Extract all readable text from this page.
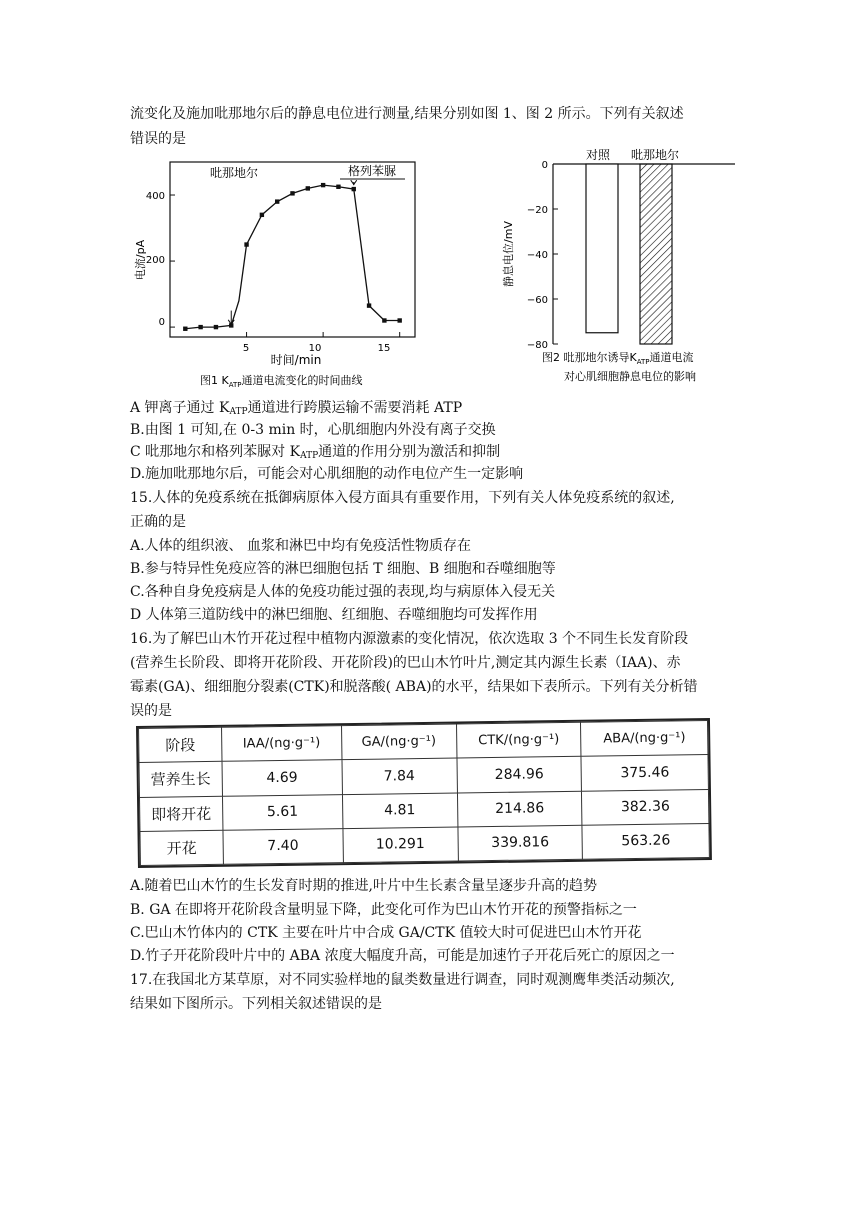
流变化及施加吡那地尔后的静息电位进行测量,结果分别如图 1、图 2 所示。下列有关叙述
错误的是
吡那地尔	格列苯脲
电流/pA
时间/min
0
200
400
5	10	15
图1 $K_{ATP}$通道电流变化的时间曲线
对照 吡那地尔
静息电位/mV
0
−20
−40
−60
−80
图2 吡那地尔诱导$K_{ATP}$通道电流
对心肌细胞静息电位的影响
A 钾离子通过 $K_{ATP}$通道进行跨膜运输不需要消耗 ATP
B.由图 1 可知,在 0-3 min 时，心肌细胞内外没有离子交换
C 吡那地尔和格列苯脲对 $K_{ATP}$通道的作用分别为激活和抑制
D.施加吡那地尔后，可能会对心肌细胞的动作电位产生一定影响
15.人体的免疫系统在抵御病原体入侵方面具有重要作用，下列有关人体免疫系统的叙述,
正确的是
A.人体的组织液、 血浆和淋巴中均有免疫活性物质存在
B.参与特异性免疫应答的淋巴细胞包括 T 细胞、B 细胞和吞噬细胞等
C.各种自身免疫病是人体的免疫功能过强的表现,均与病原体入侵无关
D 人体第三道防线中的淋巴细胞、红细胞、吞噬细胞均可发挥作用
16.为了解巴山木竹开花过程中植物内源激素的变化情况，依次选取 3 个不同生长发育阶段
(营养生长阶段、即将开花阶段、开花阶段)的巴山木竹叶片,测定其内源生长素（IAA)、赤
霉素(GA)、细细胞分裂素(CTK)和脱落酸( ABA)的水平，结果如下表所示。下列有关分析错
误的是
阶段	IAA/(ng·g⁻¹)	GA/(ng·g⁻¹)	CTK/(ng·g⁻¹)	ABA/(ng·g⁻¹)
营养生长	4.69	7.84	284.96	375.46
即将开花	5.61	4.81	214.86	382.36
开花	7.40	10.291	339.816	563.26
A.随着巴山木竹的生长发育时期的推进,叶片中生长素含量呈逐步升高的趋势
B. GA 在即将开花阶段含量明显下降，此变化可作为巴山木竹开花的预警指标之一
C.巴山木竹体内的 CTK 主要在叶片中合成 GA/CTK 值较大时可促进巴山木竹开花
D.竹子开花阶段叶片中的 ABA 浓度大幅度升高，可能是加速竹子开花后死亡的原因之一
17.在我国北方某草原，对不同实验样地的鼠类数量进行调查，同时观测鹰隼类活动频次,
结果如下图所示。下列相关叙述错误的是
